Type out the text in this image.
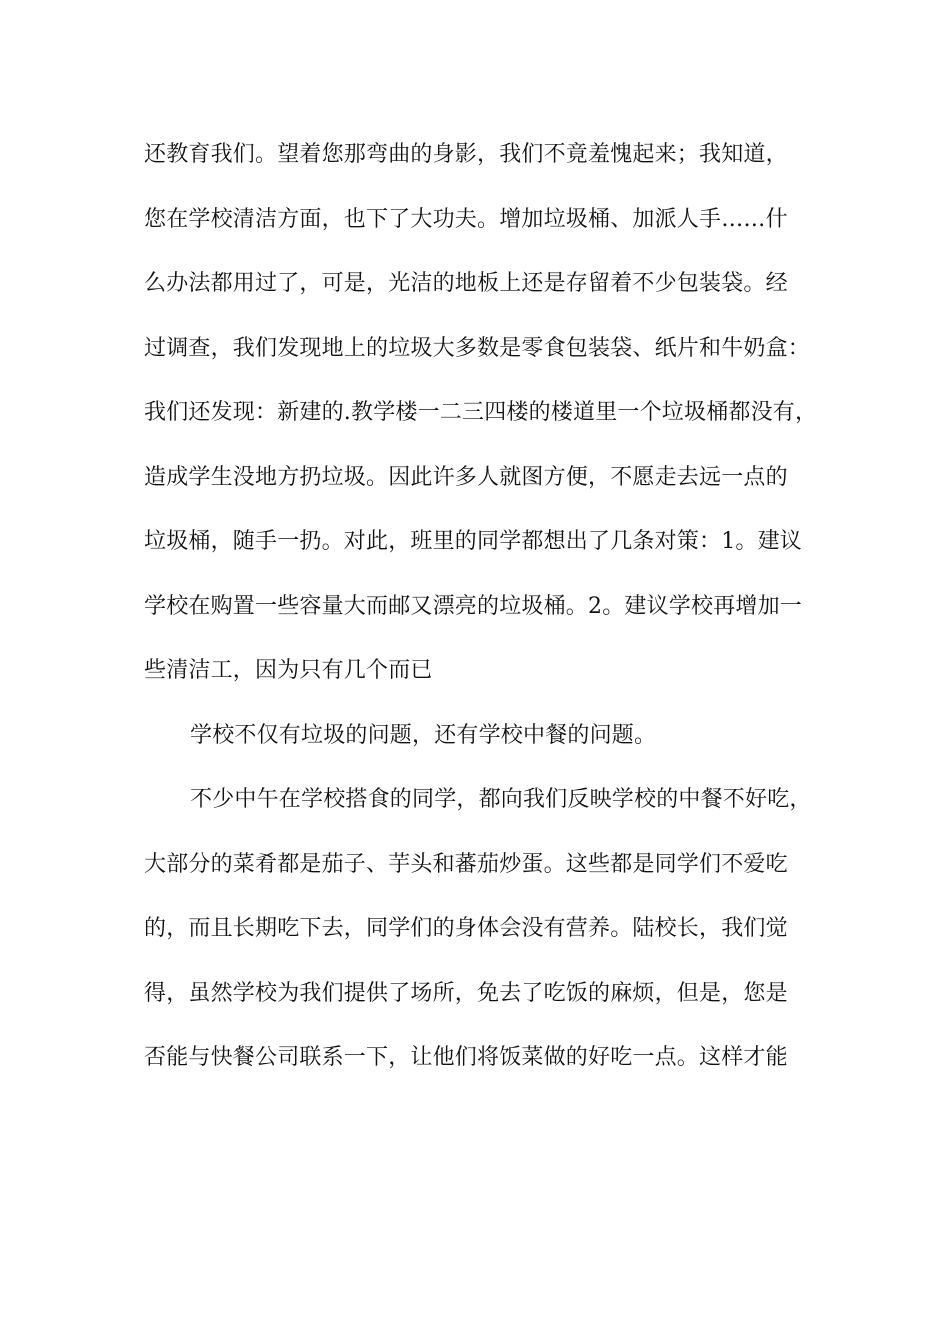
还教育我们。望着您那弯曲的身影，我们不竟羞愧起来；我知道，
您在学校清洁方面，也下了大功夫。增加垃圾桶、加派人手……什
么办法都用过了，可是，光洁的地板上还是存留着不少包装袋。经
过调查，我们发现地上的垃圾大多数是零食包装袋、纸片和牛奶盒：
我们还发现：新建的.教学楼一二三四楼的楼道里一个垃圾桶都没有，
造成学生没地方扔垃圾。因此许多人就图方便，不愿走去远一点的
垃圾桶，随手一扔。对此，班里的同学都想出了几条对策：1。建议
学校在购置一些容量大而邮又漂亮的垃圾桶。2。建议学校再增加一
些清洁工，因为只有几个而已
学校不仅有垃圾的问题，还有学校中餐的问题。
不少中午在学校搭食的同学，都向我们反映学校的中餐不好吃，
大部分的菜肴都是茄子、芋头和蕃茄炒蛋。这些都是同学们不爱吃
的，而且长期吃下去，同学们的身体会没有营养。陆校长，我们觉
得，虽然学校为我们提供了场所，免去了吃饭的麻烦，但是，您是
否能与快餐公司联系一下，让他们将饭菜做的好吃一点。这样才能
